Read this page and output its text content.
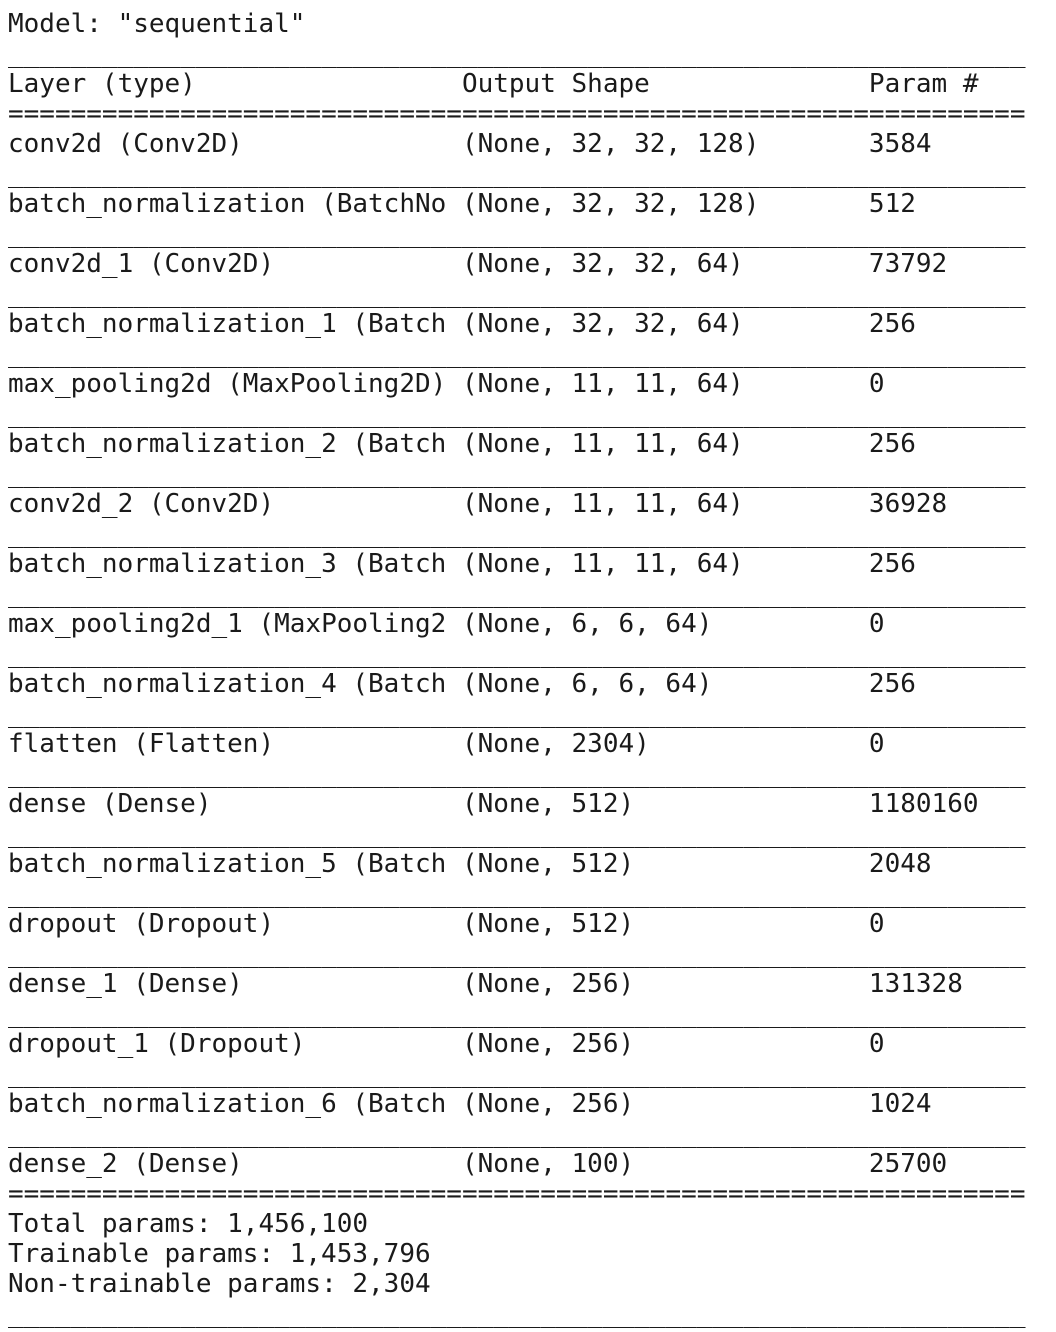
Model: "sequential"
_________________________________________________________________
Layer (type)	Output Shape	Param #
=================================================================
conv2d (Conv2D)	(None, 32, 32, 128)	3584
_________________________________________________________________
batch_normalization (BatchNo (None, 32, 32, 128)	512
_________________________________________________________________
conv2d_1 (Conv2D)	(None, 32, 32, 64)	73792
_________________________________________________________________
batch_normalization_1 (Batch (None, 32, 32, 64)	256
_________________________________________________________________
max_pooling2d (MaxPooling2D) (None, 11, 11, 64)	0
_________________________________________________________________
batch_normalization_2 (Batch (None, 11, 11, 64)	256
_________________________________________________________________
conv2d_2 (Conv2D)	(None, 11, 11, 64)	36928
_________________________________________________________________
batch_normalization_3 (Batch (None, 11, 11, 64)	256
_________________________________________________________________
max_pooling2d_1 (MaxPooling2 (None, 6, 6, 64)	0
_________________________________________________________________
batch_normalization_4 (Batch (None, 6, 6, 64)	256
_________________________________________________________________
flatten (Flatten)	(None, 2304)	0
_________________________________________________________________
dense (Dense)	(None, 512)	1180160
_________________________________________________________________
batch_normalization_5 (Batch (None, 512)	2048
_________________________________________________________________
dropout (Dropout)	(None, 512)	0
_________________________________________________________________
dense_1 (Dense)	(None, 256)	131328
_________________________________________________________________
dropout_1 (Dropout)	(None, 256)	0
_________________________________________________________________
batch_normalization_6 (Batch (None, 256)	1024
_________________________________________________________________
dense_2 (Dense)	(None, 100)	25700
=================================================================
Total params: 1,456,100
Trainable params: 1,453,796
Non-trainable params: 2,304
_________________________________________________________________
